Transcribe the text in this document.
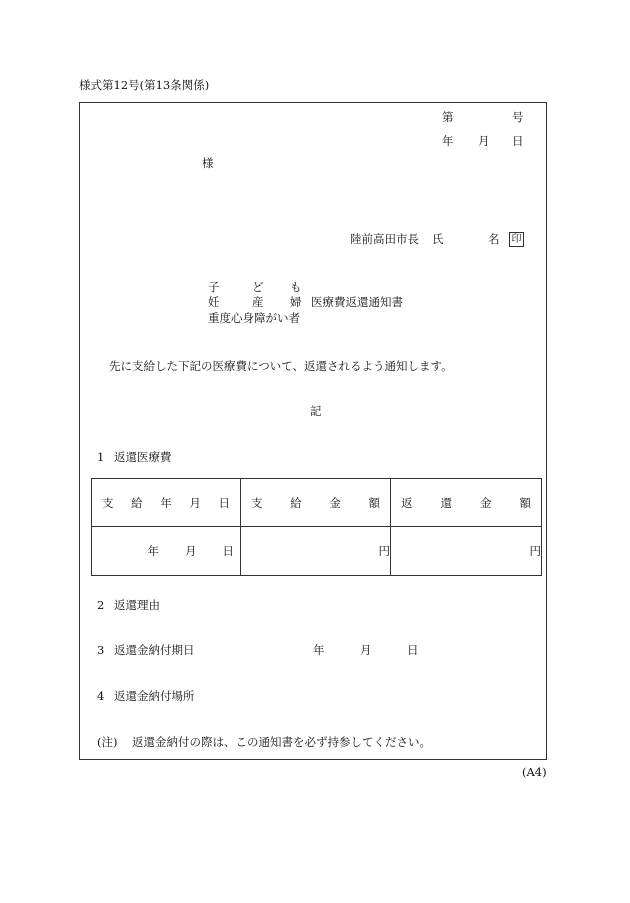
様式第12号(第13条関係)
第	号
年 月 日
様
陸前高田市長 氏	名 印
子	ど も
妊	産 婦 医療費返還通知書
重度心身障がい者
先に支給した下記の医療費について、返還されるよう通知します。
記
1 返還医療費
支 給 年 月 日	支 給 金 額	返 還 金 額

年 月 日	円	円
2 返還理由
3 返還金納付期日	年	月	日
4 返還金納付場所
(注) 返還金納付の際は、この通知書を必ず持参してください。
(A4)
